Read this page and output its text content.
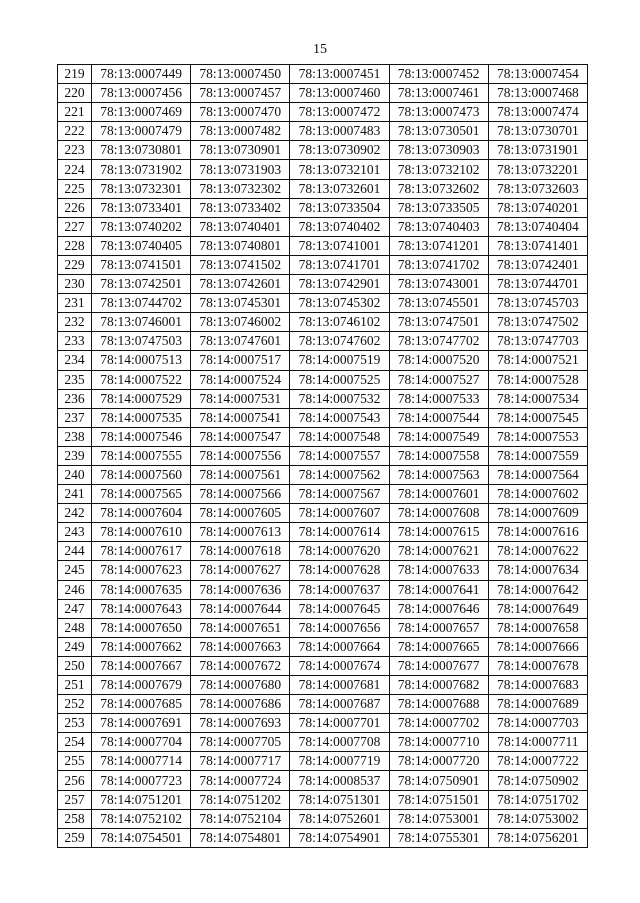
15
219	78:13:0007449	78:13:0007450	78:13:0007451	78:13:0007452	78:13:0007454
220	78:13:0007456	78:13:0007457	78:13:0007460	78:13:0007461	78:13:0007468
221	78:13:0007469	78:13:0007470	78:13:0007472	78:13:0007473	78:13:0007474
222	78:13:0007479	78:13:0007482	78:13:0007483	78:13:0730501	78:13:0730701
223	78:13:0730801	78:13:0730901	78:13:0730902	78:13:0730903	78:13:0731901
224	78:13:0731902	78:13:0731903	78:13:0732101	78:13:0732102	78:13:0732201
225	78:13:0732301	78:13:0732302	78:13:0732601	78:13:0732602	78:13:0732603
226	78:13:0733401	78:13:0733402	78:13:0733504	78:13:0733505	78:13:0740201
227	78:13:0740202	78:13:0740401	78:13:0740402	78:13:0740403	78:13:0740404
228	78:13:0740405	78:13:0740801	78:13:0741001	78:13:0741201	78:13:0741401
229	78:13:0741501	78:13:0741502	78:13:0741701	78:13:0741702	78:13:0742401
230	78:13:0742501	78:13:0742601	78:13:0742901	78:13:0743001	78:13:0744701
231	78:13:0744702	78:13:0745301	78:13:0745302	78:13:0745501	78:13:0745703
232	78:13:0746001	78:13:0746002	78:13:0746102	78:13:0747501	78:13:0747502
233	78:13:0747503	78:13:0747601	78:13:0747602	78:13:0747702	78:13:0747703
234	78:14:0007513	78:14:0007517	78:14:0007519	78:14:0007520	78:14:0007521
235	78:14:0007522	78:14:0007524	78:14:0007525	78:14:0007527	78:14:0007528
236	78:14:0007529	78:14:0007531	78:14:0007532	78:14:0007533	78:14:0007534
237	78:14:0007535	78:14:0007541	78:14:0007543	78:14:0007544	78:14:0007545
238	78:14:0007546	78:14:0007547	78:14:0007548	78:14:0007549	78:14:0007553
239	78:14:0007555	78:14:0007556	78:14:0007557	78:14:0007558	78:14:0007559
240	78:14:0007560	78:14:0007561	78:14:0007562	78:14:0007563	78:14:0007564
241	78:14:0007565	78:14:0007566	78:14:0007567	78:14:0007601	78:14:0007602
242	78:14:0007604	78:14:0007605	78:14:0007607	78:14:0007608	78:14:0007609
243	78:14:0007610	78:14:0007613	78:14:0007614	78:14:0007615	78:14:0007616
244	78:14:0007617	78:14:0007618	78:14:0007620	78:14:0007621	78:14:0007622
245	78:14:0007623	78:14:0007627	78:14:0007628	78:14:0007633	78:14:0007634
246	78:14:0007635	78:14:0007636	78:14:0007637	78:14:0007641	78:14:0007642
247	78:14:0007643	78:14:0007644	78:14:0007645	78:14:0007646	78:14:0007649
248	78:14:0007650	78:14:0007651	78:14:0007656	78:14:0007657	78:14:0007658
249	78:14:0007662	78:14:0007663	78:14:0007664	78:14:0007665	78:14:0007666
250	78:14:0007667	78:14:0007672	78:14:0007674	78:14:0007677	78:14:0007678
251	78:14:0007679	78:14:0007680	78:14:0007681	78:14:0007682	78:14:0007683
252	78:14:0007685	78:14:0007686	78:14:0007687	78:14:0007688	78:14:0007689
253	78:14:0007691	78:14:0007693	78:14:0007701	78:14:0007702	78:14:0007703
254	78:14:0007704	78:14:0007705	78:14:0007708	78:14:0007710	78:14:0007711
255	78:14:0007714	78:14:0007717	78:14:0007719	78:14:0007720	78:14:0007722
256	78:14:0007723	78:14:0007724	78:14:0008537	78:14:0750901	78:14:0750902
257	78:14:0751201	78:14:0751202	78:14:0751301	78:14:0751501	78:14:0751702
258	78:14:0752102	78:14:0752104	78:14:0752601	78:14:0753001	78:14:0753002
259	78:14:0754501	78:14:0754801	78:14:0754901	78:14:0755301	78:14:0756201
